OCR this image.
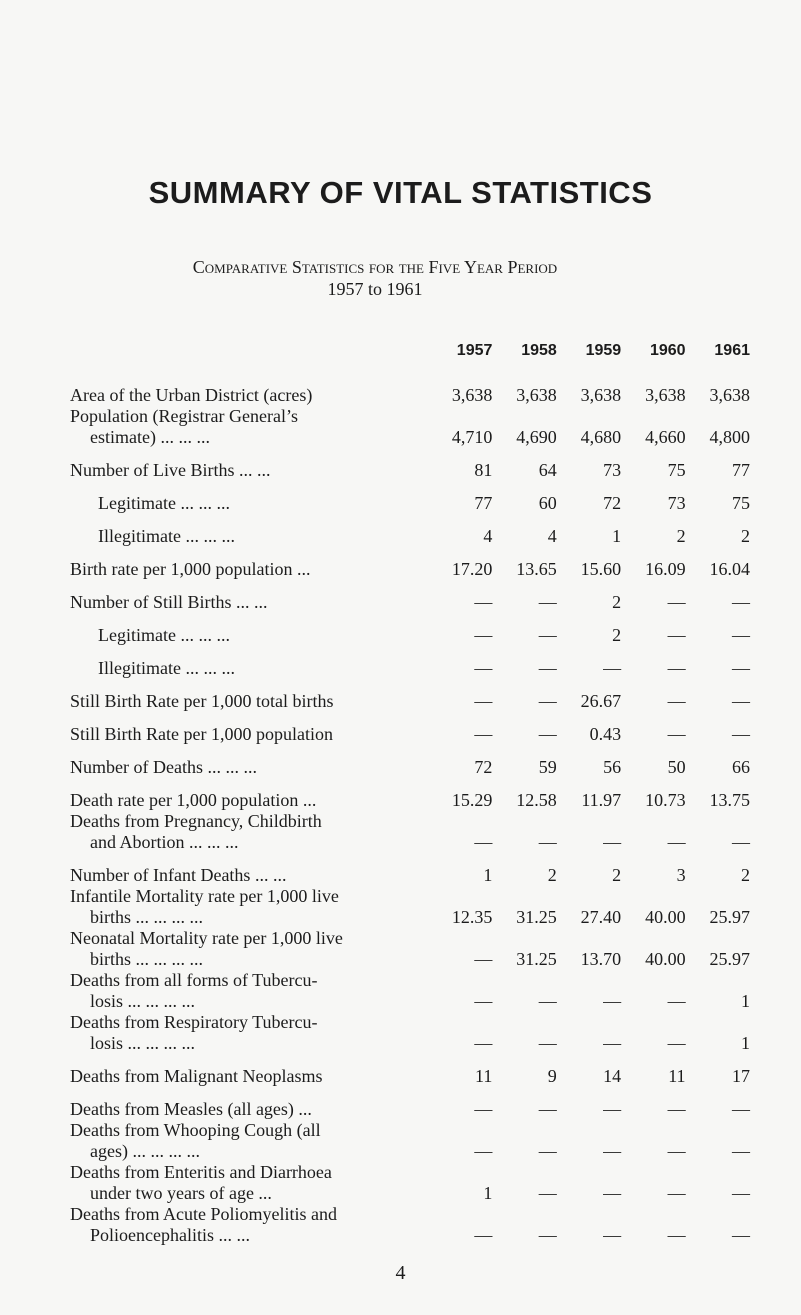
SUMMARY OF VITAL STATISTICS
Comparative Statistics for the Five Year Period
1957 to 1961
	1957	1958	1959	1960	1961
Area of the Urban District (acres)	3,638	3,638	3,638	3,638	3,638
Population (Registrar General’s
estimate) ... ... ...	4,710	4,690	4,680	4,660	4,800
Number of Live Births ... ...	81	64	73	75	77
Legitimate ... ... ...	77	60	72	73	75
Illegitimate ... ... ...	4	4	1	2	2
Birth rate per 1,000 population ...	17.20	13.65	15.60	16.09	16.04
Number of Still Births ... ...	—	—	2	—	—
Legitimate ... ... ...	—	—	2	—	—
Illegitimate ... ... ...	—	—	—	—	—
Still Birth Rate per 1,000 total births	—	—	26.67	—	—
Still Birth Rate per 1,000 population	—	—	0.43	—	—
Number of Deaths ... ... ...	72	59	56	50	66
Death rate per 1,000 population ...	15.29	12.58	11.97	10.73	13.75
Deaths from Pregnancy, Childbirth
and Abortion ... ... ...	—	—	—	—	—
Number of Infant Deaths ... ...	1	2	2	3	2
Infantile Mortality rate per 1,000 live
births ... ... ... ...	12.35	31.25	27.40	40.00	25.97
Neonatal Mortality rate per 1,000 live
births ... ... ... ...	—	31.25	13.70	40.00	25.97
Deaths from all forms of Tubercu-
losis ... ... ... ...	—	—	—	—	1
Deaths from Respiratory Tubercu-
losis ... ... ... ...	—	—	—	—	1
Deaths from Malignant Neoplasms	11	9	14	11	17
Deaths from Measles (all ages) ...	—	—	—	—	—
Deaths from Whooping Cough (all
ages) ... ... ... ...	—	—	—	—	—
Deaths from Enteritis and Diarrhoea
under two years of age ...	1	—	—	—	—
Deaths from Acute Poliomyelitis and
Polioencephalitis ... ...	—	—	—	—	—
4
